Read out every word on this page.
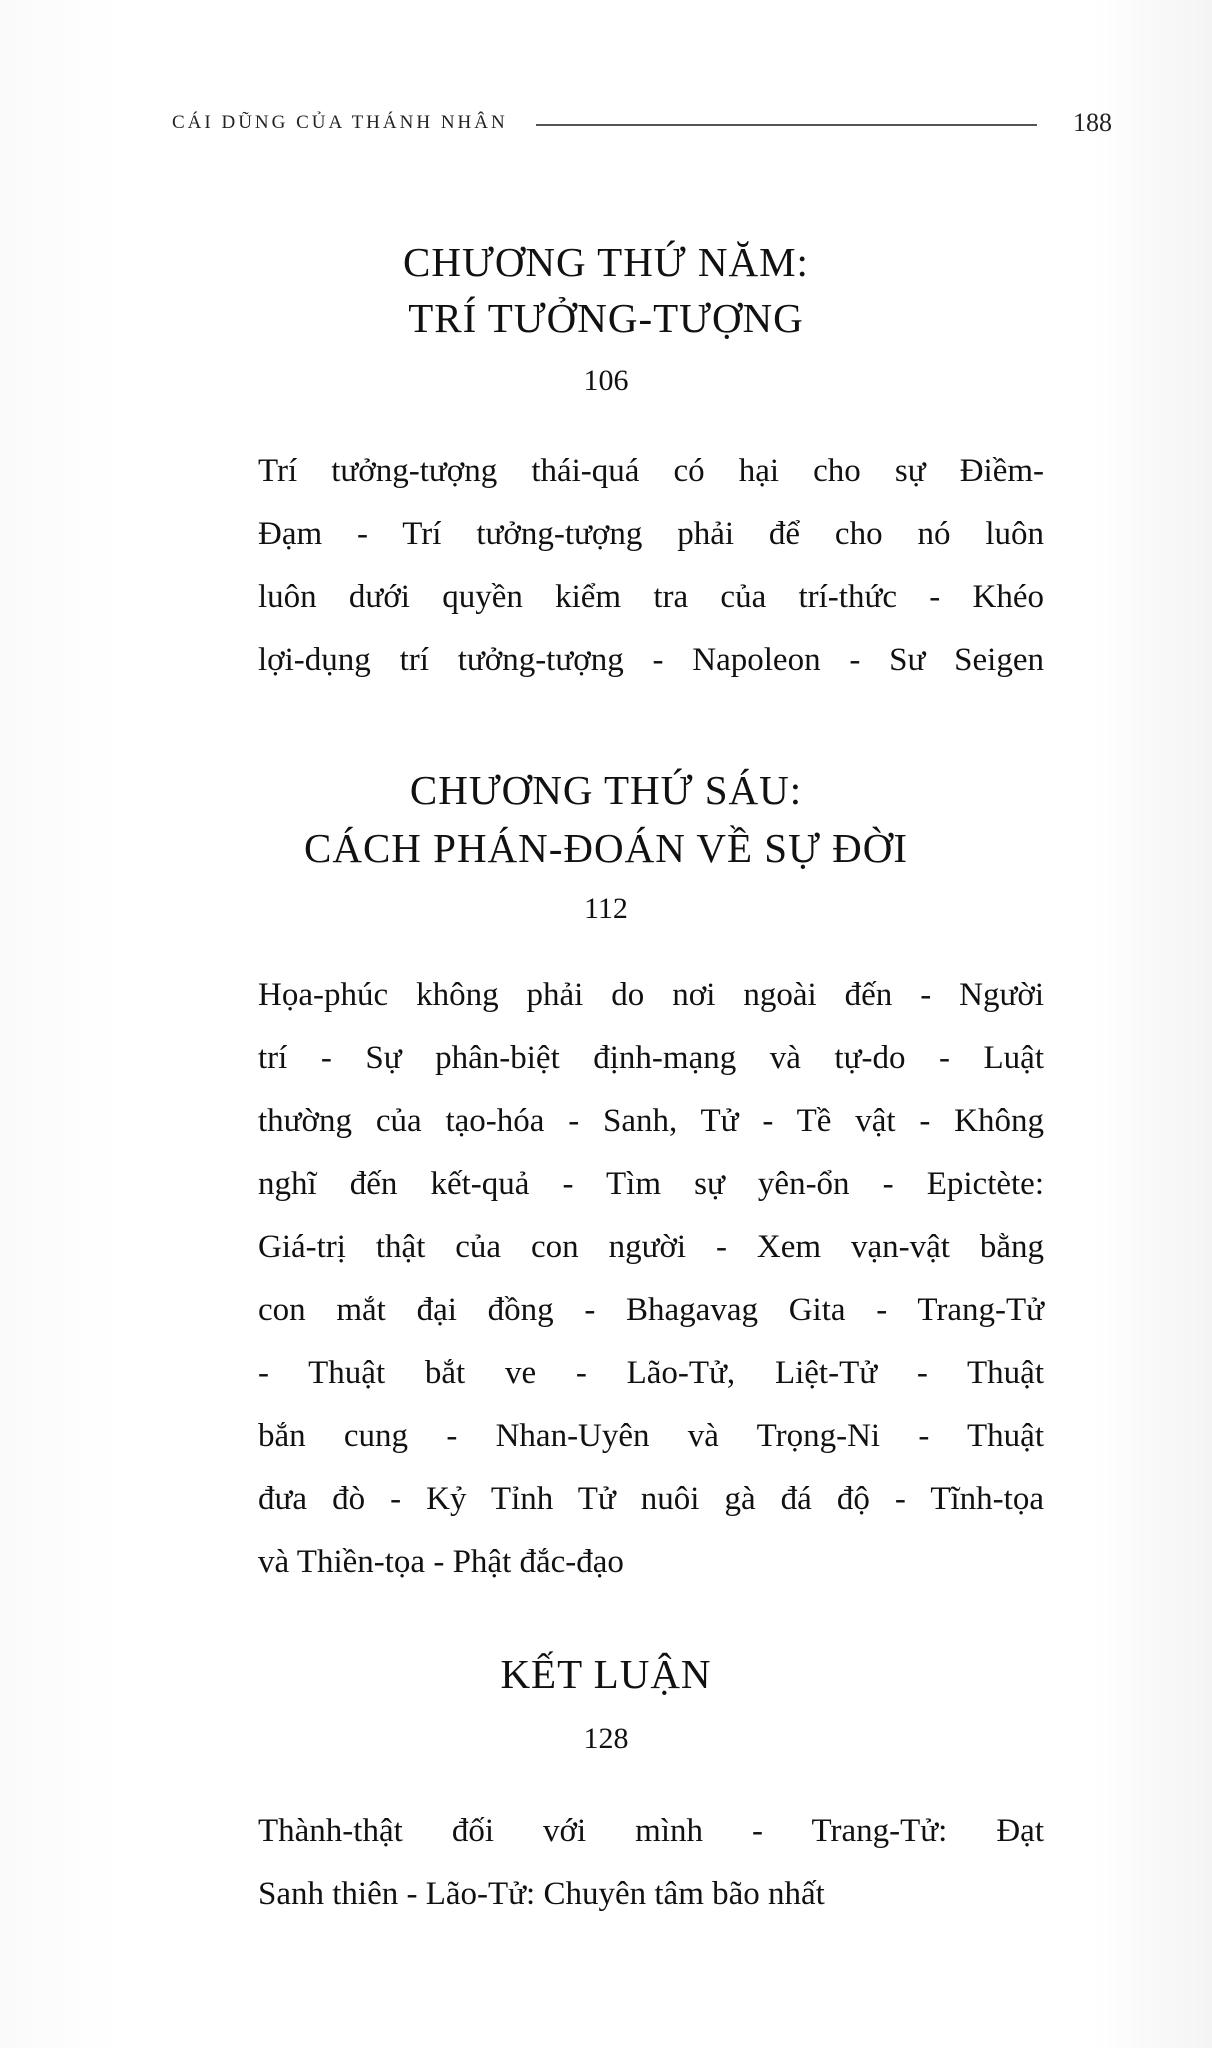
CÁI DŨNG CỦA THÁNH NHÂN	188
CHƯƠNG THỨ NĂM:
TRÍ TƯỞNG-TƯỢNG
106
Trí tưởng-tượng thái-quá có hại cho sự Điềm-
Đạm - Trí tưởng-tượng phải để cho nó luôn
luôn dưới quyền kiểm tra của trí-thức - Khéo
lợi-dụng trí tưởng-tượng - Napoleon - Sư Seigen
CHƯƠNG THỨ SÁU:
CÁCH PHÁN-ĐOÁN VỀ SỰ ĐỜI
112
Họa-phúc không phải do nơi ngoài đến - Người
trí - Sự phân-biệt định-mạng và tự-do - Luật
thường của tạo-hóa - Sanh, Tử - Tề vật - Không
nghĩ đến kết-quả - Tìm sự yên-ổn - Epictète:
Giá-trị thật của con người - Xem vạn-vật bằng
con mắt đại đồng - Bhagavag Gita - Trang-Tử
- Thuật bắt ve - Lão-Tử, Liệt-Tử - Thuật
bắn cung - Nhan-Uyên và Trọng-Ni - Thuật
đưa đò - Kỷ Tỉnh Tử nuôi gà đá độ - Tĩnh-tọa
và Thiền-tọa - Phật đắc-đạo
KẾT LUẬN
128
Thành-thật đối với mình - Trang-Tử: Đạt
Sanh thiên - Lão-Tử: Chuyên tâm bão nhất
